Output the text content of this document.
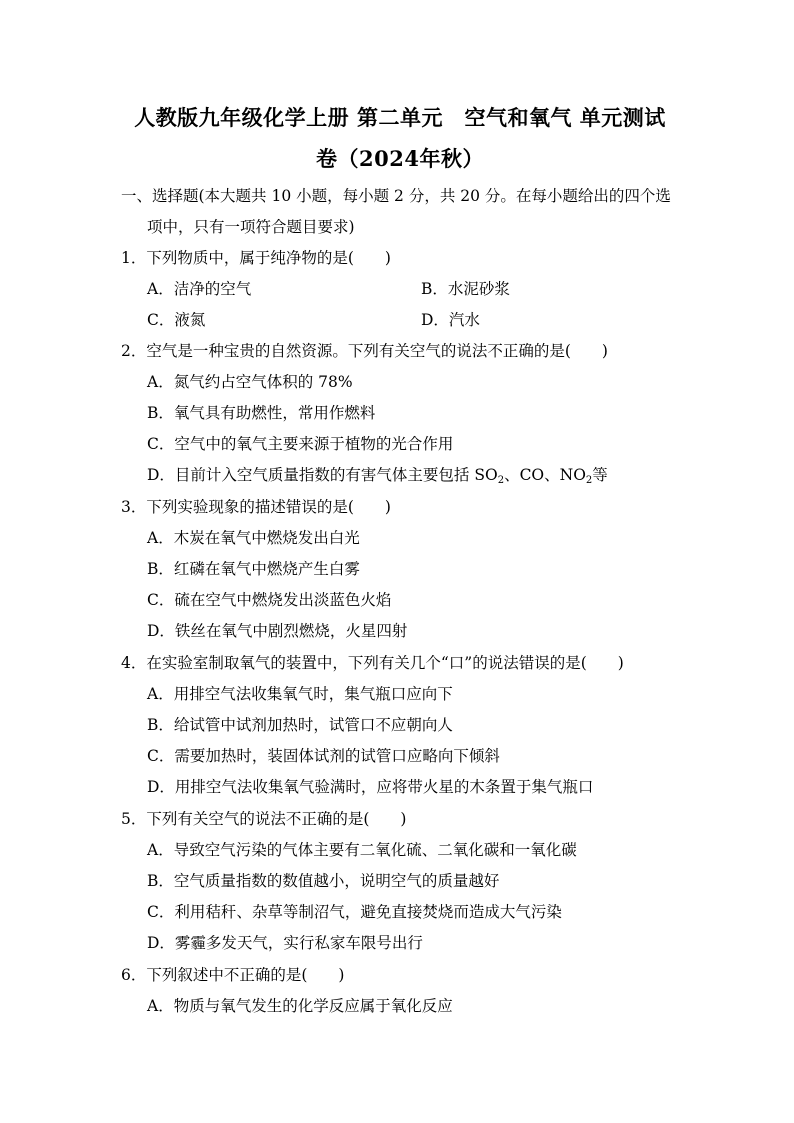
人教版九年级化学上册 第二单元　空气和氧气 单元测试
卷（2024年秋）
一、选择题(本大题共 10 小题，每小题 2 分，共 20 分。在每小题给出的四个选
项中，只有一项符合题目要求)
1．下列物质中，属于纯净物的是(　　)
A．洁净的空气	B．水泥砂浆
C．液氮	D．汽水
2．空气是一种宝贵的自然资源。下列有关空气的说法不正确的是(　　)
A．氮气约占空气体积的 78%
B．氧气具有助燃性，常用作燃料
C．空气中的氧气主要来源于植物的光合作用
D．目前计入空气质量指数的有害气体主要包括 $SO_2$、CO、$NO_2$等
3．下列实验现象的描述错误的是(　　)
A．木炭在氧气中燃烧发出白光
B．红磷在氧气中燃烧产生白雾
C．硫在空气中燃烧发出淡蓝色火焰
D．铁丝在氧气中剧烈燃烧，火星四射
4．在实验室制取氧气的装置中，下列有关几个“口”的说法错误的是(　　)
A．用排空气法收集氧气时，集气瓶口应向下
B．给试管中试剂加热时，试管口不应朝向人
C．需要加热时，装固体试剂的试管口应略向下倾斜
D．用排空气法收集氧气验满时，应将带火星的木条置于集气瓶口
5．下列有关空气的说法不正确的是(　　)
A．导致空气污染的气体主要有二氧化硫、二氧化碳和一氧化碳
B．空气质量指数的数值越小，说明空气的质量越好
C．利用秸秆、杂草等制沼气，避免直接焚烧而造成大气污染
D．雾霾多发天气，实行私家车限号出行
6．下列叙述中不正确的是(　　)
A．物质与氧气发生的化学反应属于氧化反应
